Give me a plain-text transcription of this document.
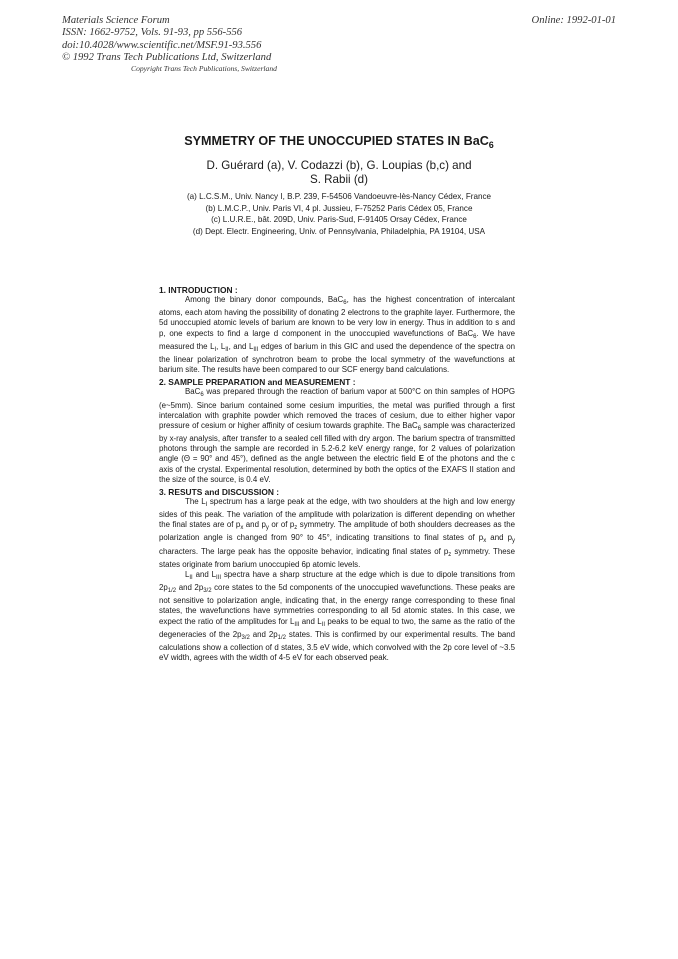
Materials Science Forum
ISSN: 1662-9752, Vols. 91-93, pp 556-556
doi:10.4028/www.scientific.net/MSF.91-93.556
© 1992 Trans Tech Publications Ltd, Switzerland
Online: 1992-01-01
Copyright Trans Tech Publications, Switzerland
SYMMETRY OF THE UNOCCUPIED STATES IN BaC$_6$
D. Guérard (a), V. Codazzi (b), G. Loupias (b,c) and
S. Rabii (d)
(a) L.C.S.M., Univ. Nancy I, B.P. 239, F-54506 Vandoeuvre-lès-Nancy Cédex, France
(b) L.M.C.P., Univ. Paris VI, 4 pl. Jussieu, F-75252 Paris Cédex 05, France
(c) L.U.R.E., bât. 209D, Univ. Paris-Sud, F-91405 Orsay Cédex, France
(d) Dept. Electr. Engineering, Univ. of Pennsylvania, Philadelphia, PA 19104, USA

1. INTRODUCTION :

Among the binary donor compounds, BaC$_6$, has the highest concentration of intercalant atoms, each atom having the possibility of donating 2 electrons to the graphite layer. Furthermore, the 5d unoccupied atomic levels of barium are known to be very low in energy. Thus in addition to s and p, one expects to find a large d component in the unoccupied wavefunctions of BaC$_6$. We have measured the $L_I$, $L_{II}$, and $L_{III}$ edges of barium in this GIC and used the dependence of the spectra on the linear polarization of synchrotron beam to probe the local symmetry of the wavefunctions at barium site. The results have been compared to our SCF energy band calculations.

2. SAMPLE PREPARATION and MEASUREMENT :

BaC$_6$ was prepared through the reaction of barium vapor at 500°C on thin samples of HOPG (e~5mm). Since barium contained some cesium impurities, the metal was purified through a first intercalation with graphite powder which removed the traces of cesium, due to either higher vapor pressure of cesium or higher affinity of cesium towards graphite. The BaC$_6$ sample was characterized by x-ray analysis, after transfer to a sealed cell filled with dry argon. The barium spectra of transmitted photons through the sample are recorded in 5.2-6.2 keV energy range, for 2 values of polarization angle (Θ = 90° and 45°), defined as the angle between the electric field E of the photons and the c axis of the crystal. Experimental resolution, determined by both the optics of the EXAFS II station and the size of the source, is 0.4 eV.

3. RESUTS and DISCUSSION :

The $L_I$ spectrum has a large peak at the edge, with two shoulders at the high and low energy sides of this peak. The variation of the amplitude with polarization is different depending on whether the final states are of $p_x$ and $p_y$ or of $p_z$ symmetry. The amplitude of both shoulders decreases as the polarization angle is changed from 90° to 45°, indicating transitions to final states of $p_x$ and $p_y$ characters. The large peak has the opposite behavior, indicating final states of $p_z$ symmetry. These states originate from barium unoccupied 6p atomic levels.

$L_{II}$ and $L_{III}$ spectra have a sharp structure at the edge which is due to dipole transitions from $2p_{1/2}$ and $2p_{3/2}$ core states to the 5d components of the unoccupied wavefunctions. These peaks are not sensitive to polarization angle, indicating that, in the energy range corresponding to these final states, the wavefunctions have symmetries corresponding to all 5d atomic states. In this case, we expect the ratio of the amplitudes for $L_{III}$ and $L_{II}$ peaks to be equal to two, the same as the ratio of the degeneracies of the $2p_{3/2}$ and $2p_{1/2}$ states. This is confirmed by our experimental results. The band calculations show a collection of d states, 3.5 eV wide, which convolved with the 2p core level of ~3.5 eV width, agrees with the width of 4-5 eV for each observed peak.
